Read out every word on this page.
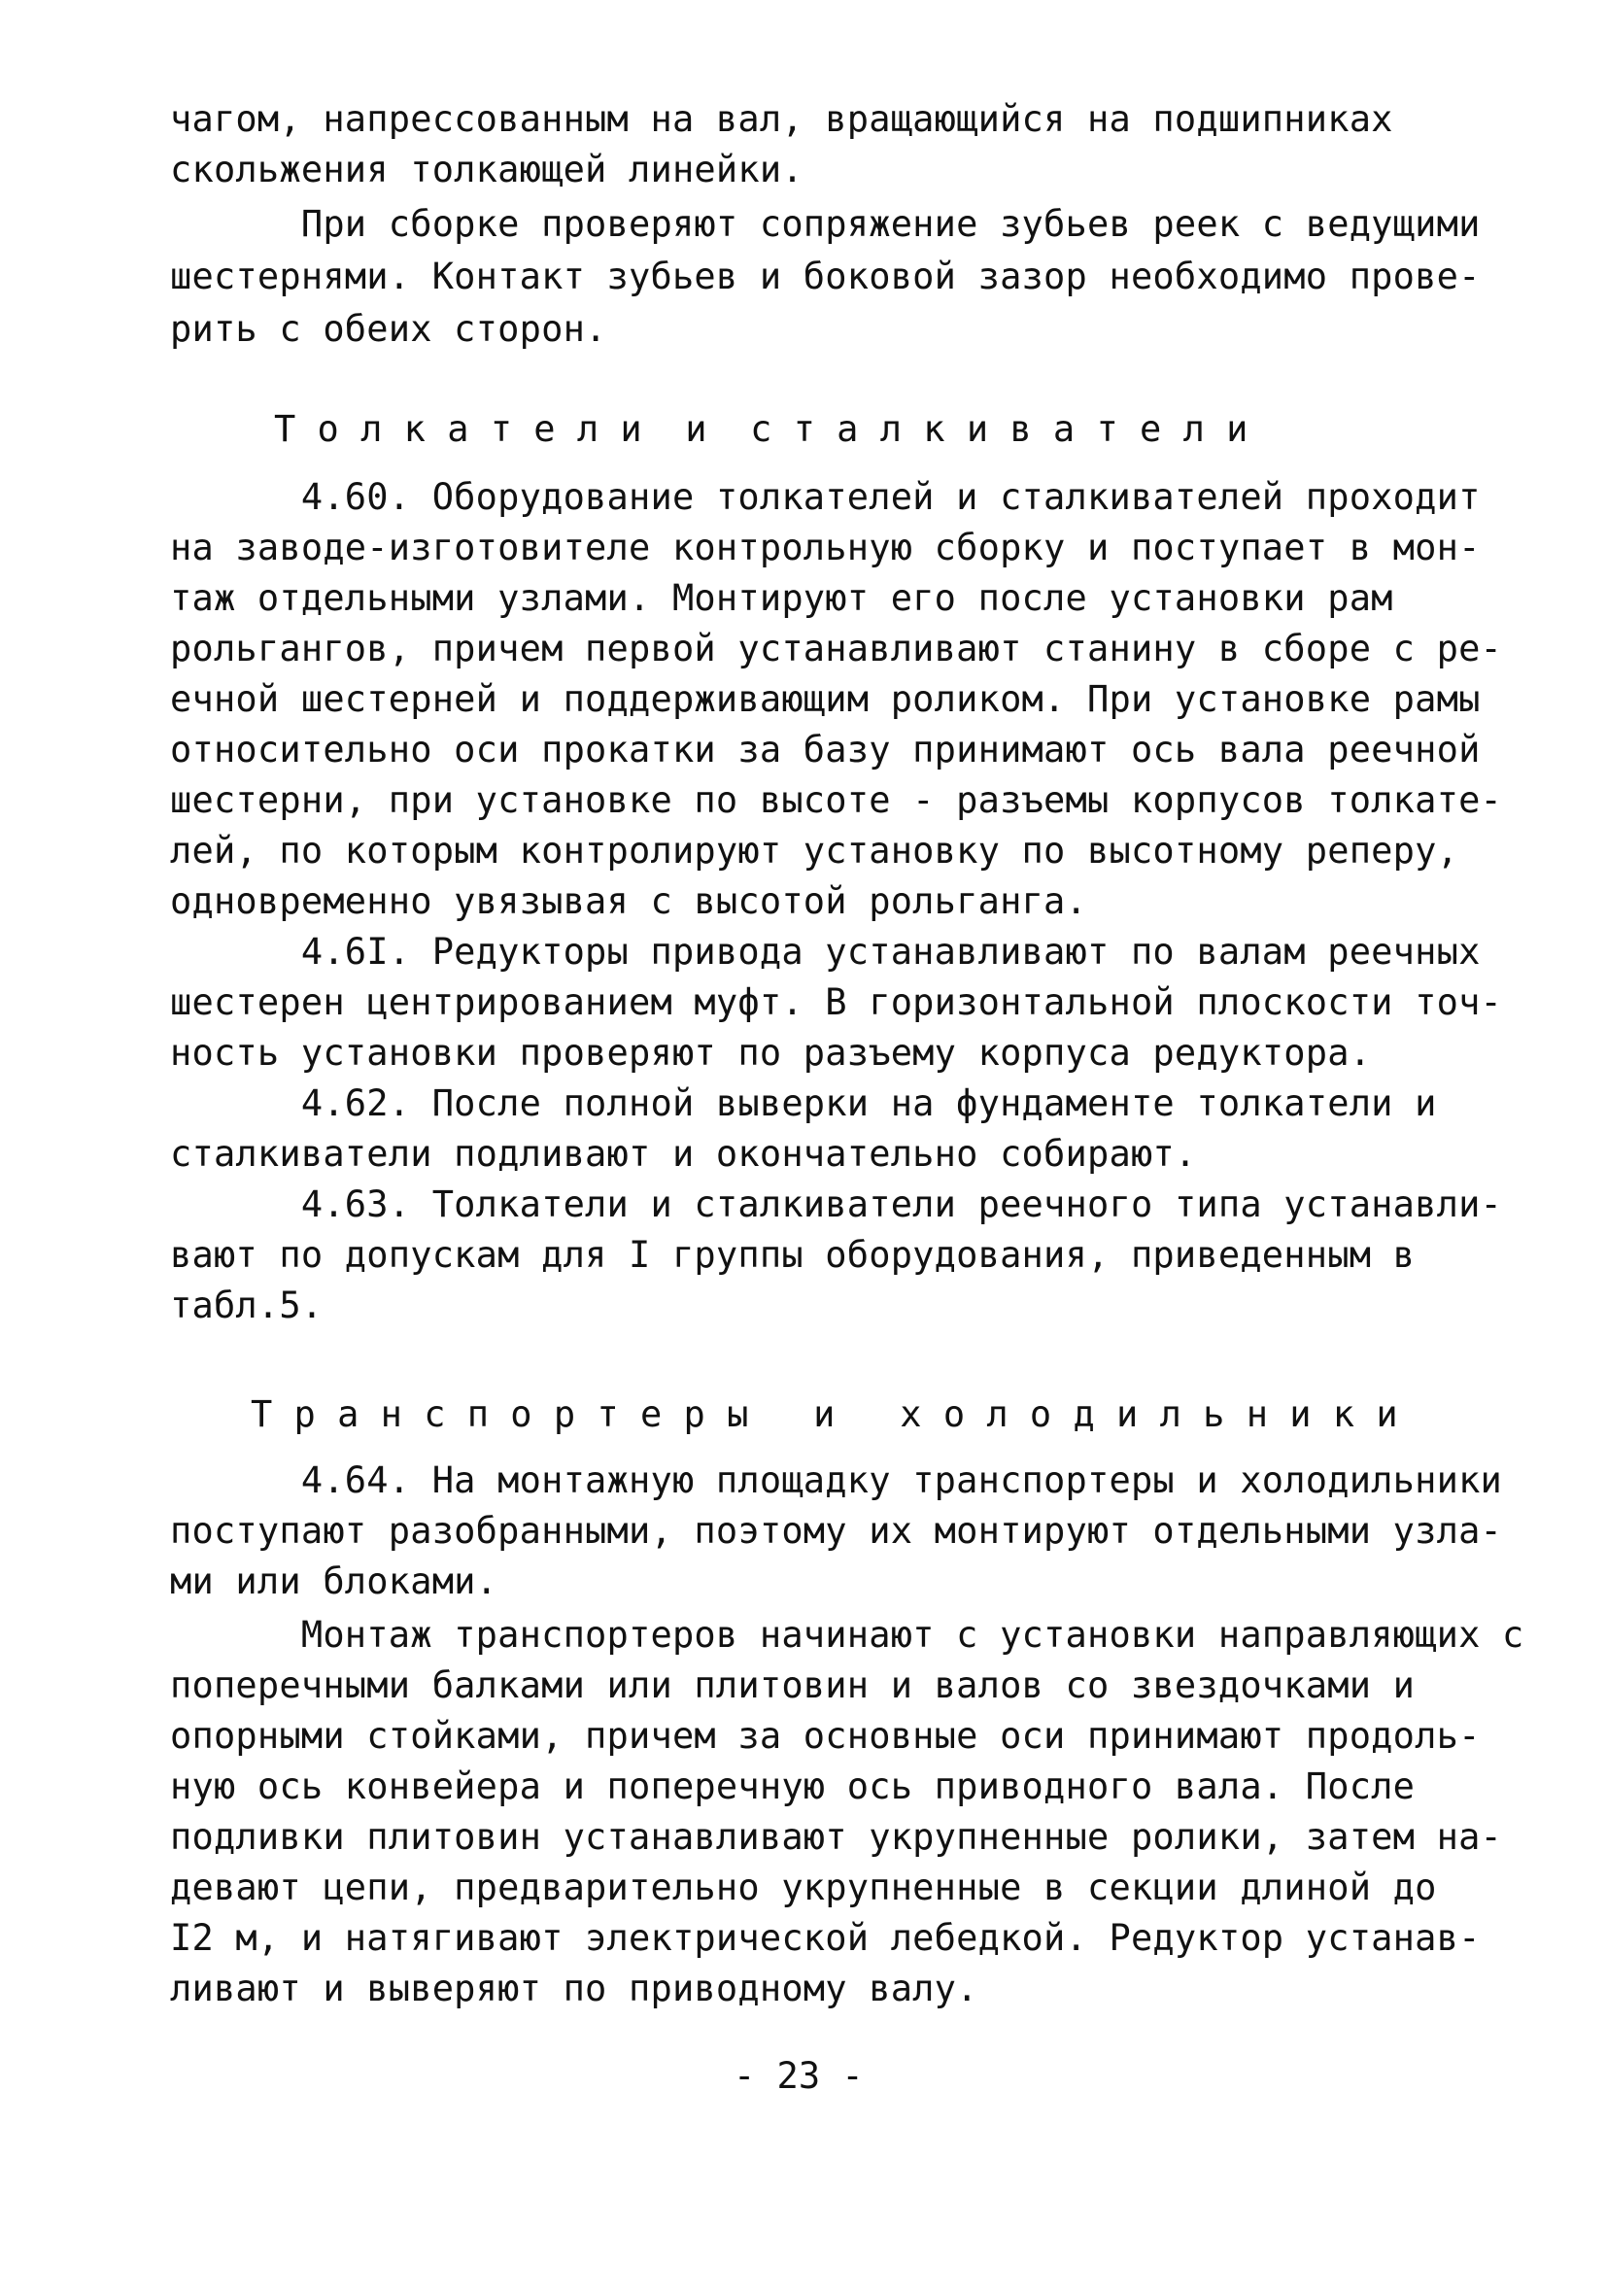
чагом, напрессованным на вал, вращающийся на подшипниках
скольжения толкающей линейки.
При сборке проверяют сопряжение зубьев реек с ведущими
шестернями. Контакт зубьев и боковой зазор необходимо прове-
рить с обеих сторон.
Т о л к а т е л и  и  с т а л к и в а т е л и
4.60. Оборудование толкателей и сталкивателей проходит
на заводе-изготовителе контрольную сборку и поступает в мон-
таж отдельными узлами. Монтируют его после установки рам
рольгангов, причем первой устанавливают станину в сборе с ре-
ечной шестерней и поддерживающим роликом. При установке рамы
относительно оси прокатки за базу принимают ось вала реечной
шестерни, при установке по высоте - разъемы корпусов толкате-
лей, по которым контролируют установку по высотному реперу,
одновременно увязывая с высотой рольганга.
4.6I. Редукторы привода устанавливают по валам реечных
шестерен центрированием муфт. В горизонтальной плоскости точ-
ность установки проверяют по разъему корпуса редуктора.
4.62. После полной выверки на фундаменте толкатели и
сталкиватели подливают и окончательно собирают.
4.63. Толкатели и сталкиватели реечного типа устанавли-
вают по допускам для I группы оборудования, приведенным в
табл.5.
Т р а н с п о р т е р ы   и   х о л о д и л ь н и к и
4.64. На монтажную площадку транспортеры и холодильники
поступают разобранными, поэтому их монтируют отдельными узла-
ми или блоками.
Монтаж транспортеров начинают с установки направляющих с
поперечными балками или плитовин и валов со звездочками и
опорными стойками, причем за основные оси принимают продоль-
ную ось конвейера и поперечную ось приводного вала. После
подливки плитовин устанавливают укрупненные ролики, затем на-
девают цепи, предварительно укрупненные в секции длиной до
I2 м, и натягивают электрической лебедкой. Редуктор устанав-
ливают и выверяют по приводному валу.
- 23 -
